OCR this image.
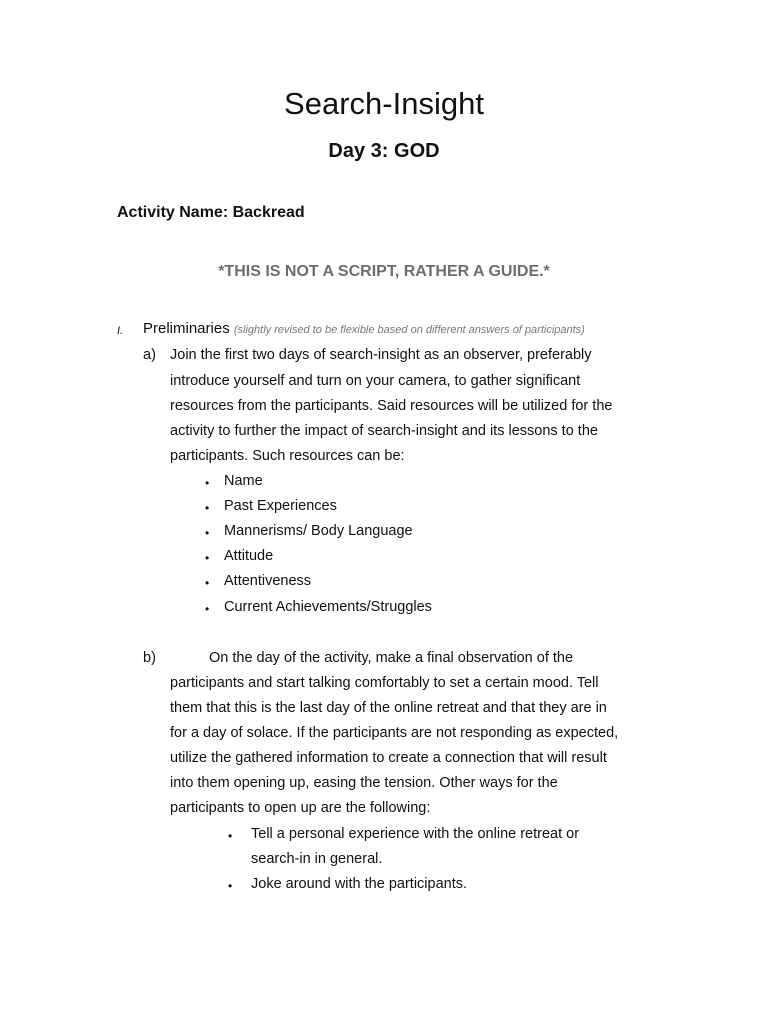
Search-Insight
Day 3: GOD
Activity Name: Backread
*THIS IS NOT A SCRIPT, RATHER A GUIDE.*
I. Preliminaries (slightly revised to be flexible based on different answers of participants)
a) Join the first two days of search-insight as an observer, preferably
introduce yourself and turn on your camera, to gather significant
resources from the participants. Said resources will be utilized for the
activity to further the impact of search-insight and its lessons to the
participants. Such resources can be:
• Name
• Past Experiences
• Mannerisms/ Body Language
• Attitude
• Attentiveness
• Current Achievements/Struggles
b)	On the day of the activity, make a final observation of the
participants and start talking comfortably to set a certain mood. Tell
them that this is the last day of the online retreat and that they are in
for a day of solace. If the participants are not responding as expected,
utilize the gathered information to create a connection that will result
into them opening up, easing the tension. Other ways for the
participants to open up are the following:
• Tell a personal experience with the online retreat or
search-in in general.
• Joke around with the participants.
